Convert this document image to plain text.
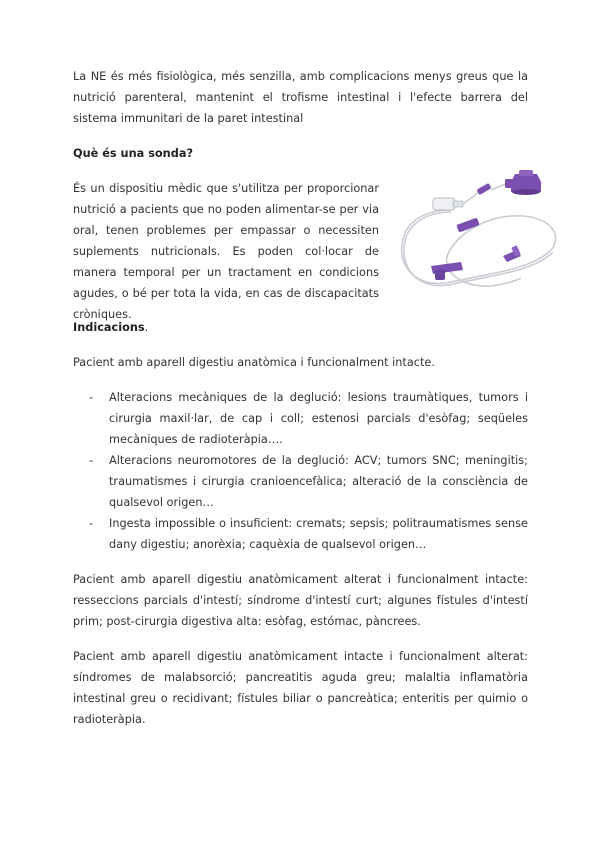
La NE és més fisiològica, més senzilla, amb complicacions menys greus que la nutrició parenteral, mantenint el trofisme intestinal i l'efecte barrera del sistema immunitari de la paret intestinal

Què és una sonda?

És un dispositiu mèdic que s'utilitza per proporcionar nutrició a pacients que no poden alimentar-se per via oral, tenen problemes per empassar o necessiten suplements nutricionals. Es poden col·locar de manera temporal per un tractament en condicions agudes, o bé per tota la vida, en cas de discapacitats cròniques.

Indicacions.

Pacient amb aparell digestiu anatòmica i funcionalment intacte.

- Alteracions mecàniques de la deglució: lesions traumàtiques, tumors i cirurgia maxil·lar, de cap i coll; estenosi parcials d'esòfag; seqüeles mecàniques de radioteràpia….

- Alteracions neuromotores de la deglució: ACV; tumors SNC; meningitis; traumatismes i cirurgia cranioencefàlica; alteració de la consciència de qualsevol origen…

- Ingesta impossible o insuficient: cremats; sepsis; politraumatismes sense dany digestiu; anorèxia; caquèxia de qualsevol origen…

Pacient amb aparell digestiu anatòmicament alterat i funcionalment intacte: resseccions parcials d'intestí; síndrome d'intestí curt; algunes fístules d'intestí prim; post-cirurgia digestiva alta: esòfag, estómac, pàncrees.

Pacient amb aparell digestiu anatòmicament intacte i funcionalment alterat: síndromes de malabsorció; pancreatitis aguda greu; malaltia inflamatòria intestinal greu o recidivant; fístules biliar o pancreàtica; enteritis per quimio o radioteràpia.
